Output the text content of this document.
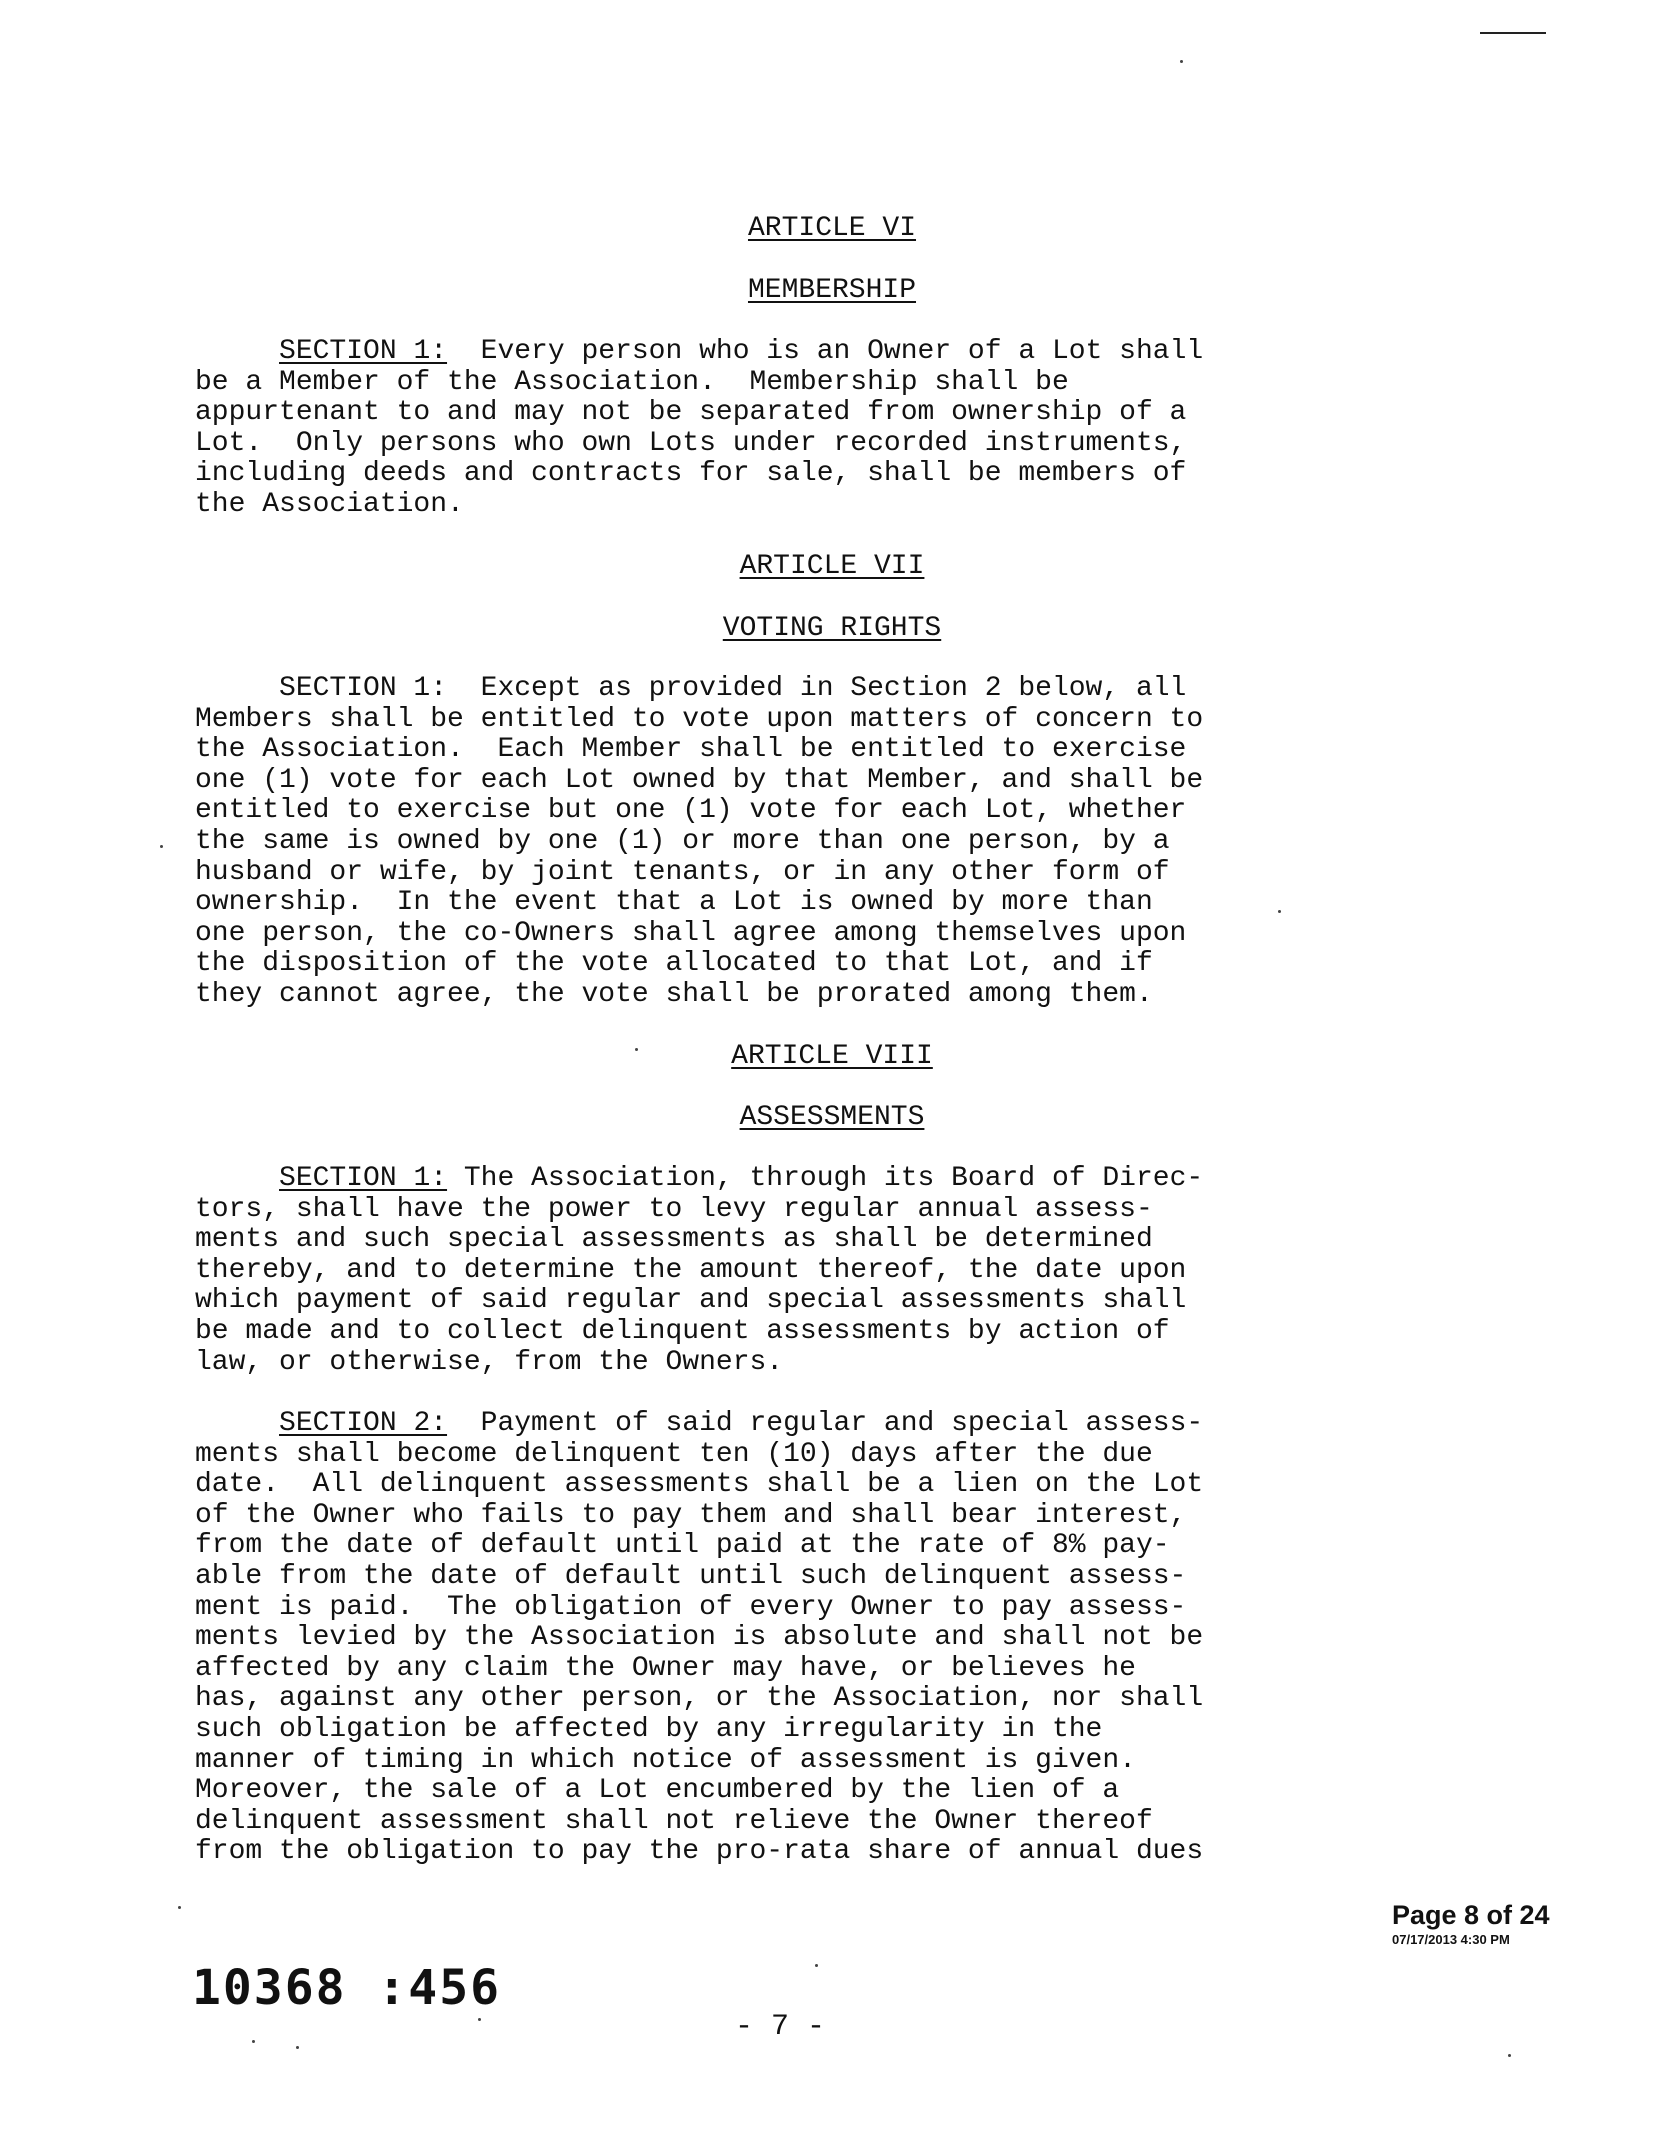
ARTICLE VI
MEMBERSHIP
SECTION 1:  Every person who is an Owner of a Lot shall
be a Member of the Association.  Membership shall be
appurtenant to and may not be separated from ownership of a
Lot.  Only persons who own Lots under recorded instruments,
including deeds and contracts for sale, shall be members of
the Association.
ARTICLE VII
VOTING RIGHTS
SECTION 1:  Except as provided in Section 2 below, all
Members shall be entitled to vote upon matters of concern to
the Association.  Each Member shall be entitled to exercise
one (1) vote for each Lot owned by that Member, and shall be
entitled to exercise but one (1) vote for each Lot, whether
the same is owned by one (1) or more than one person, by a
husband or wife, by joint tenants, or in any other form of
ownership.  In the event that a Lot is owned by more than
one person, the co-Owners shall agree among themselves upon
the disposition of the vote allocated to that Lot, and if
they cannot agree, the vote shall be prorated among them.
ARTICLE VIII
ASSESSMENTS
SECTION 1: The Association, through its Board of Direc-
tors, shall have the power to levy regular annual assess-
ments and such special assessments as shall be determined
thereby, and to determine the amount thereof, the date upon
which payment of said regular and special assessments shall
be made and to collect delinquent assessments by action of
law, or otherwise, from the Owners.
SECTION 2:  Payment of said regular and special assess-
ments shall become delinquent ten (10) days after the due
date.  All delinquent assessments shall be a lien on the Lot
of the Owner who fails to pay them and shall bear interest,
from the date of default until paid at the rate of 8% pay-
able from the date of default until such delinquent assess-
ment is paid.  The obligation of every Owner to pay assess-
ments levied by the Association is absolute and shall not be
affected by any claim the Owner may have, or believes he
has, against any other person, or the Association, nor shall
such obligation be affected by any irregularity in the
manner of timing in which notice of assessment is given.
Moreover, the sale of a Lot encumbered by the lien of a
delinquent assessment shall not relieve the Owner thereof
from the obligation to pay the pro-rata share of annual dues
Page 8 of 24
07/17/2013 4:30 PM
10368 :456
- 7 -
